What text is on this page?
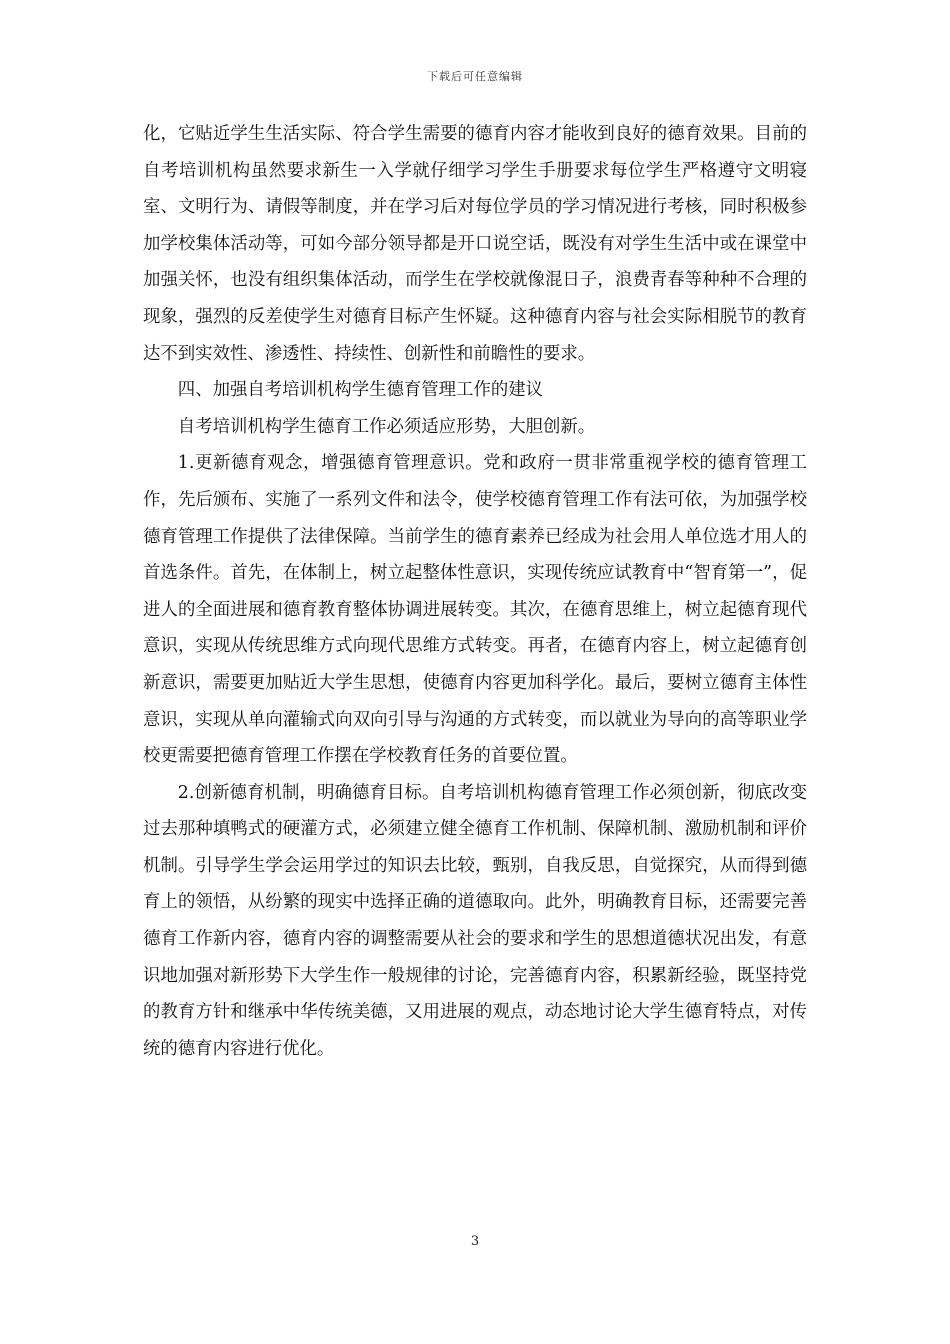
下载后可任意编辑

化，它贴近学生生活实际、符合学生需要的德育内容才能收到良好的德育效果。目前的自考培训机构虽然要求新生一入学就仔细学习学生手册要求每位学生严格遵守文明寝室、文明行为、请假等制度，并在学习后对每位学员的学习情况进行考核，同时积极参加学校集体活动等，可如今部分领导都是开口说空话，既没有对学生生活中或在课堂中加强关怀，也没有组织集体活动，而学生在学校就像混日子，浪费青春等种种不合理的现象，强烈的反差使学生对德育目标产生怀疑。这种德育内容与社会实际相脱节的教育达不到实效性、渗透性、持续性、创新性和前瞻性的要求。

四、加强自考培训机构学生德育管理工作的建议

自考培训机构学生德育工作必须适应形势，大胆创新。

1.更新德育观念，增强德育管理意识。党和政府一贯非常重视学校的德育管理工作，先后颁布、实施了一系列文件和法令，使学校德育管理工作有法可依，为加强学校德育管理工作提供了法律保障。当前学生的德育素养已经成为社会用人单位选才用人的首选条件。首先，在体制上，树立起整体性意识，实现传统应试教育中“智育第一”，促进人的全面进展和德育教育整体协调进展转变。其次，在德育思维上，树立起德育现代意识，实现从传统思维方式向现代思维方式转变。再者，在德育内容上，树立起德育创新意识，需要更加贴近大学生思想，使德育内容更加科学化。最后，要树立德育主体性意识，实现从单向灌输式向双向引导与沟通的方式转变，而以就业为导向的高等职业学校更需要把德育管理工作摆在学校教育任务的首要位置。

2.创新德育机制，明确德育目标。自考培训机构德育管理工作必须创新，彻底改变过去那种填鸭式的硬灌方式，必须建立健全德育工作机制、保障机制、激励机制和评价机制。引导学生学会运用学过的知识去比较，甄别，自我反思，自觉探究，从而得到德育上的领悟，从纷繁的现实中选择正确的道德取向。此外，明确教育目标，还需要完善德育工作新内容，德育内容的调整需要从社会的要求和学生的思想道德状况出发，有意识地加强对新形势下大学生作一般规律的讨论，完善德育内容，积累新经验，既坚持党的教育方针和继承中华传统美德，又用进展的观点，动态地讨论大学生德育特点，对传统的德育内容进行优化。

3
